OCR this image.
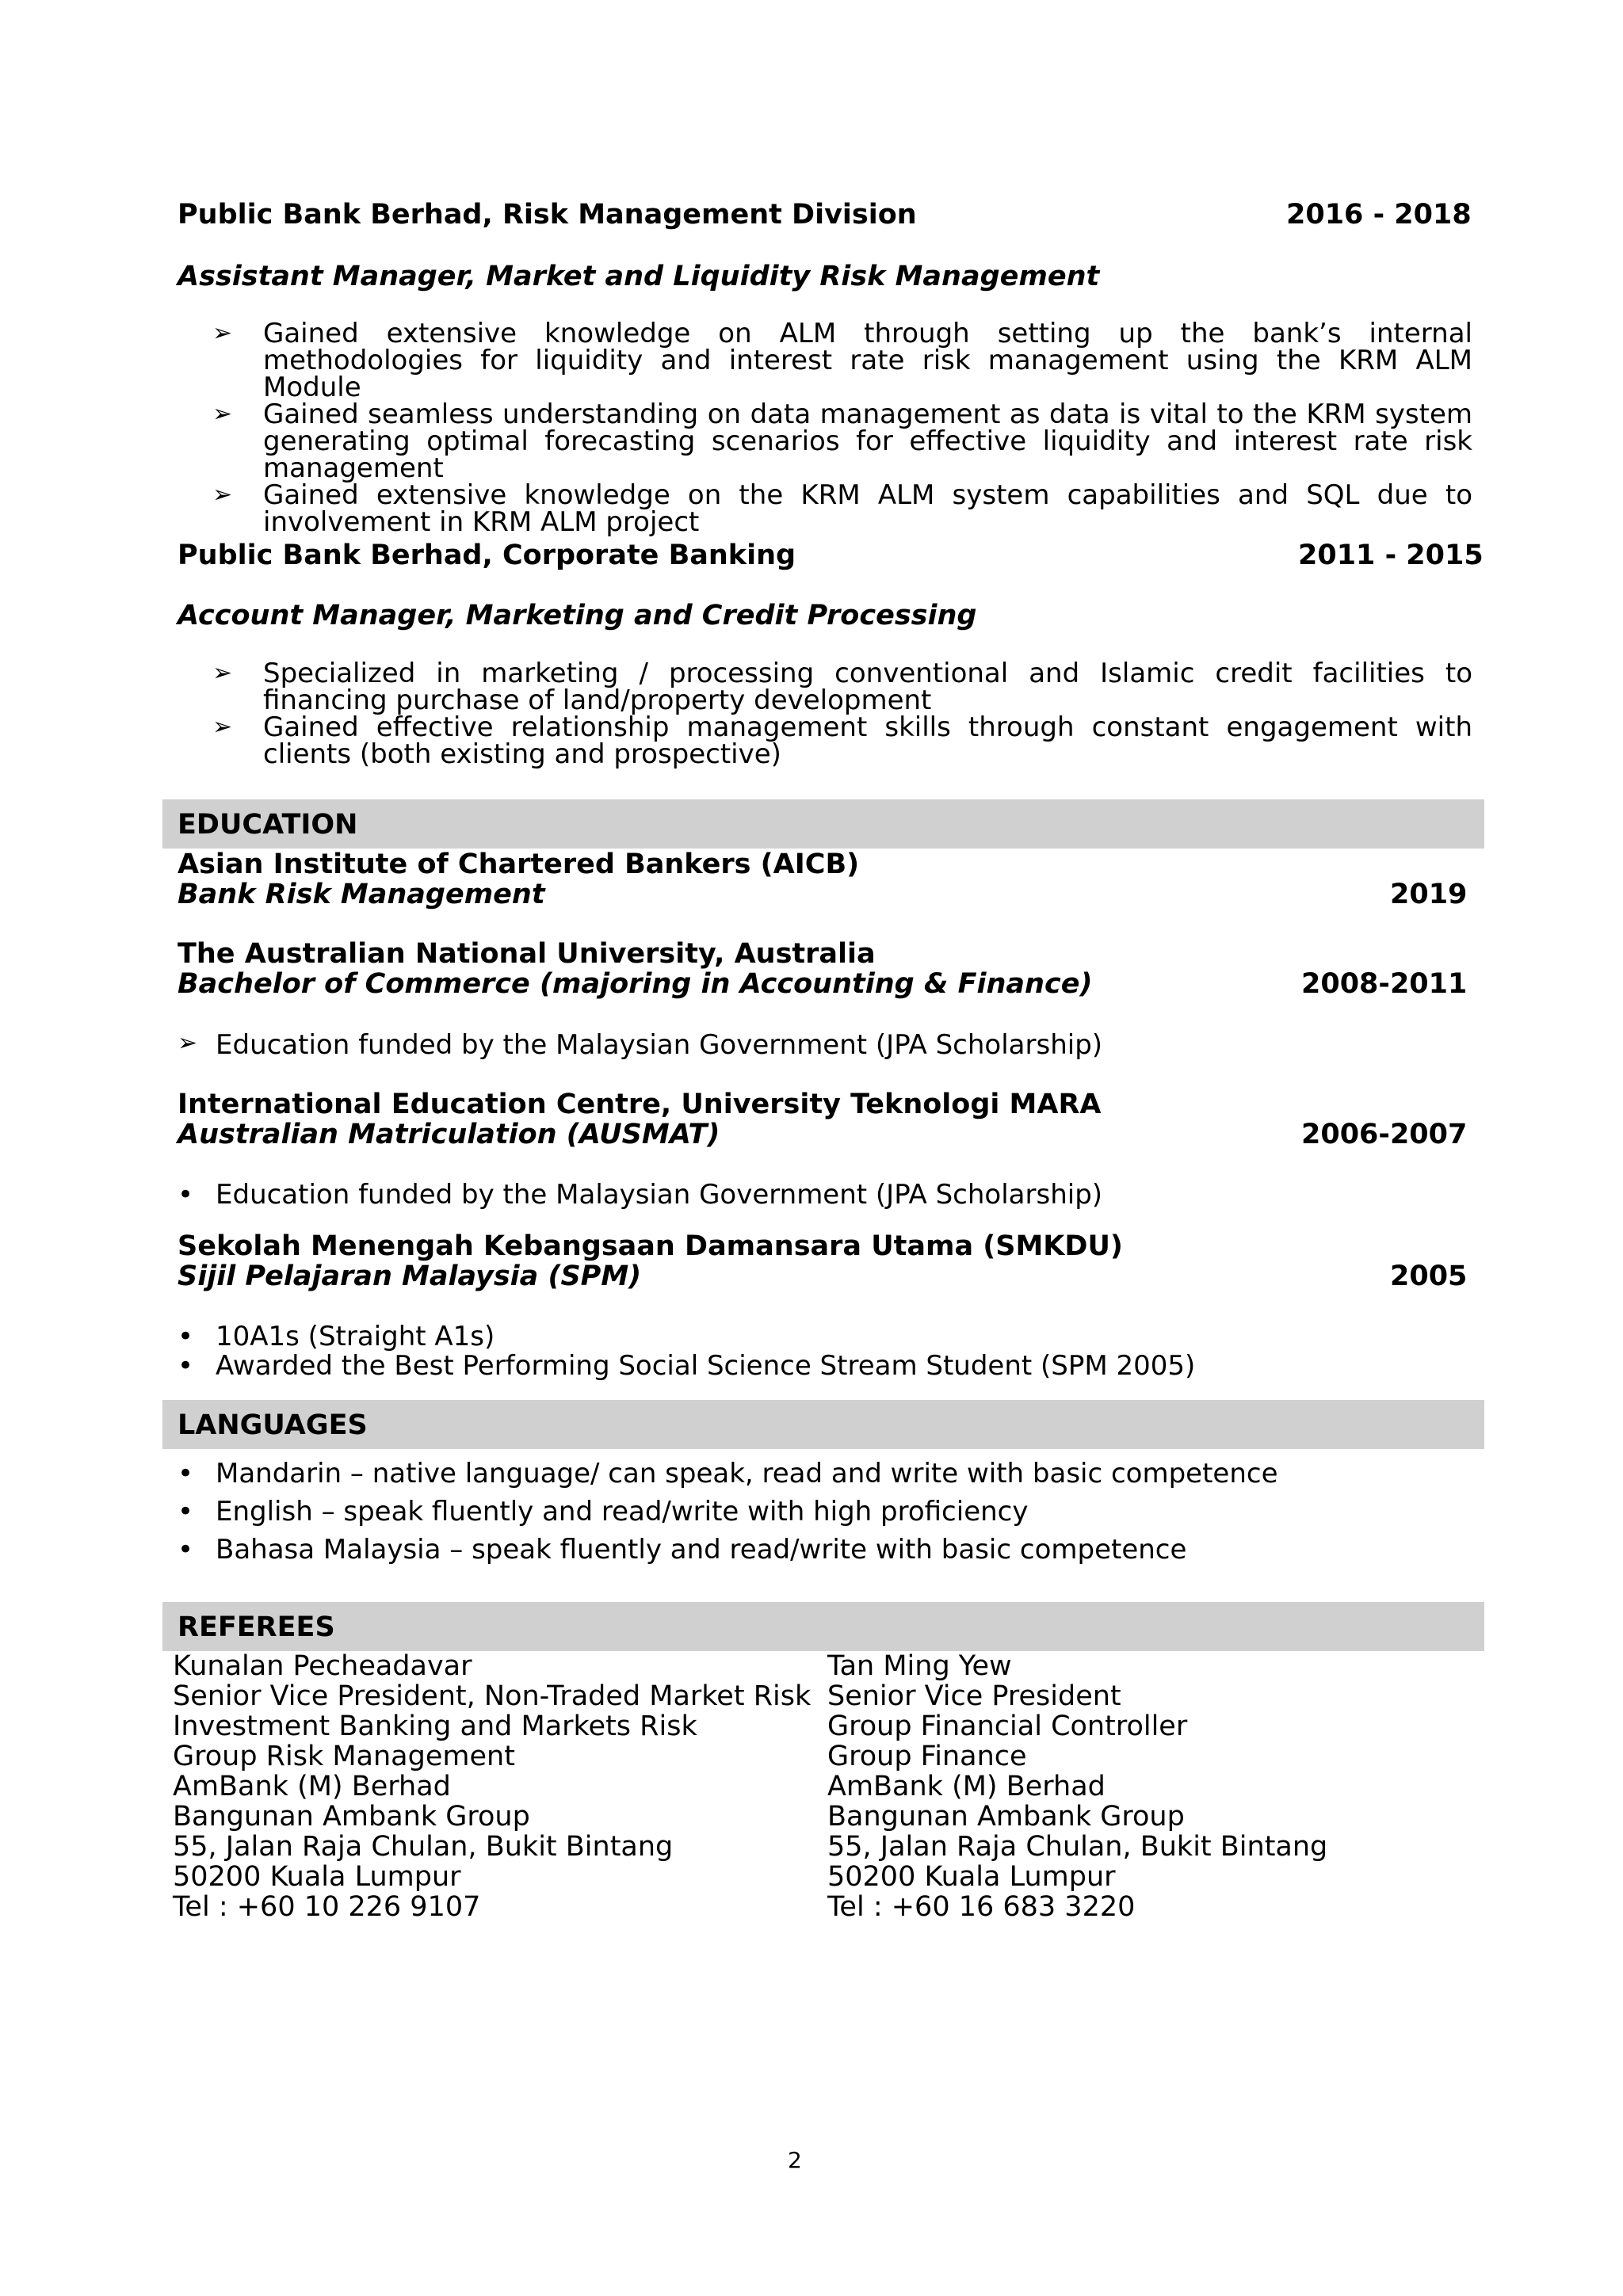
Public Bank Berhad, Risk Management Division	2016 - 2018
Assistant Manager, Market and Liquidity Risk Management
➢ Gained extensive knowledge on ALM through setting up the bank’s internal methodologies for liquidity and interest rate risk management using the KRM ALM Module
➢ Gained seamless understanding on data management as data is vital to the KRM system generating optimal forecasting scenarios for effective liquidity and interest rate risk management
➢ Gained extensive knowledge on the KRM ALM system capabilities and SQL due to involvement in KRM ALM project
Public Bank Berhad, Corporate Banking	2011 - 2015
Account Manager, Marketing and Credit Processing
➢ Specialized in marketing / processing conventional and Islamic credit facilities to financing purchase of land/property development
➢ Gained effective relationship management skills through constant engagement with clients (both existing and prospective)
EDUCATION
Asian Institute of Chartered Bankers (AICB)
Bank Risk Management	2019
The Australian National University, Australia
Bachelor of Commerce (majoring in Accounting & Finance)	2008-2011
➢ Education funded by the Malaysian Government (JPA Scholarship)
International Education Centre, University Teknologi MARA
Australian Matriculation (AUSMAT)	2006-2007
• Education funded by the Malaysian Government (JPA Scholarship)
Sekolah Menengah Kebangsaan Damansara Utama (SMKDU)
Sijil Pelajaran Malaysia (SPM)	2005
• 10A1s (Straight A1s)
• Awarded the Best Performing Social Science Stream Student (SPM 2005)
LANGUAGES
• Mandarin – native language/ can speak, read and write with basic competence
• English – speak fluently and read/write with high proficiency
• Bahasa Malaysia – speak fluently and read/write with basic competence
REFEREES
Kunalan Pecheadavar
Senior Vice President, Non-Traded Market Risk
Investment Banking and Markets Risk
Group Risk Management
AmBank (M) Berhad
Bangunan Ambank Group
55, Jalan Raja Chulan, Bukit Bintang
50200 Kuala Lumpur
Tel : +60 10 226 9107
Tan Ming Yew
Senior Vice President
Group Financial Controller
Group Finance
AmBank (M) Berhad
Bangunan Ambank Group
55, Jalan Raja Chulan, Bukit Bintang
50200 Kuala Lumpur
Tel : +60 16 683 3220
2
